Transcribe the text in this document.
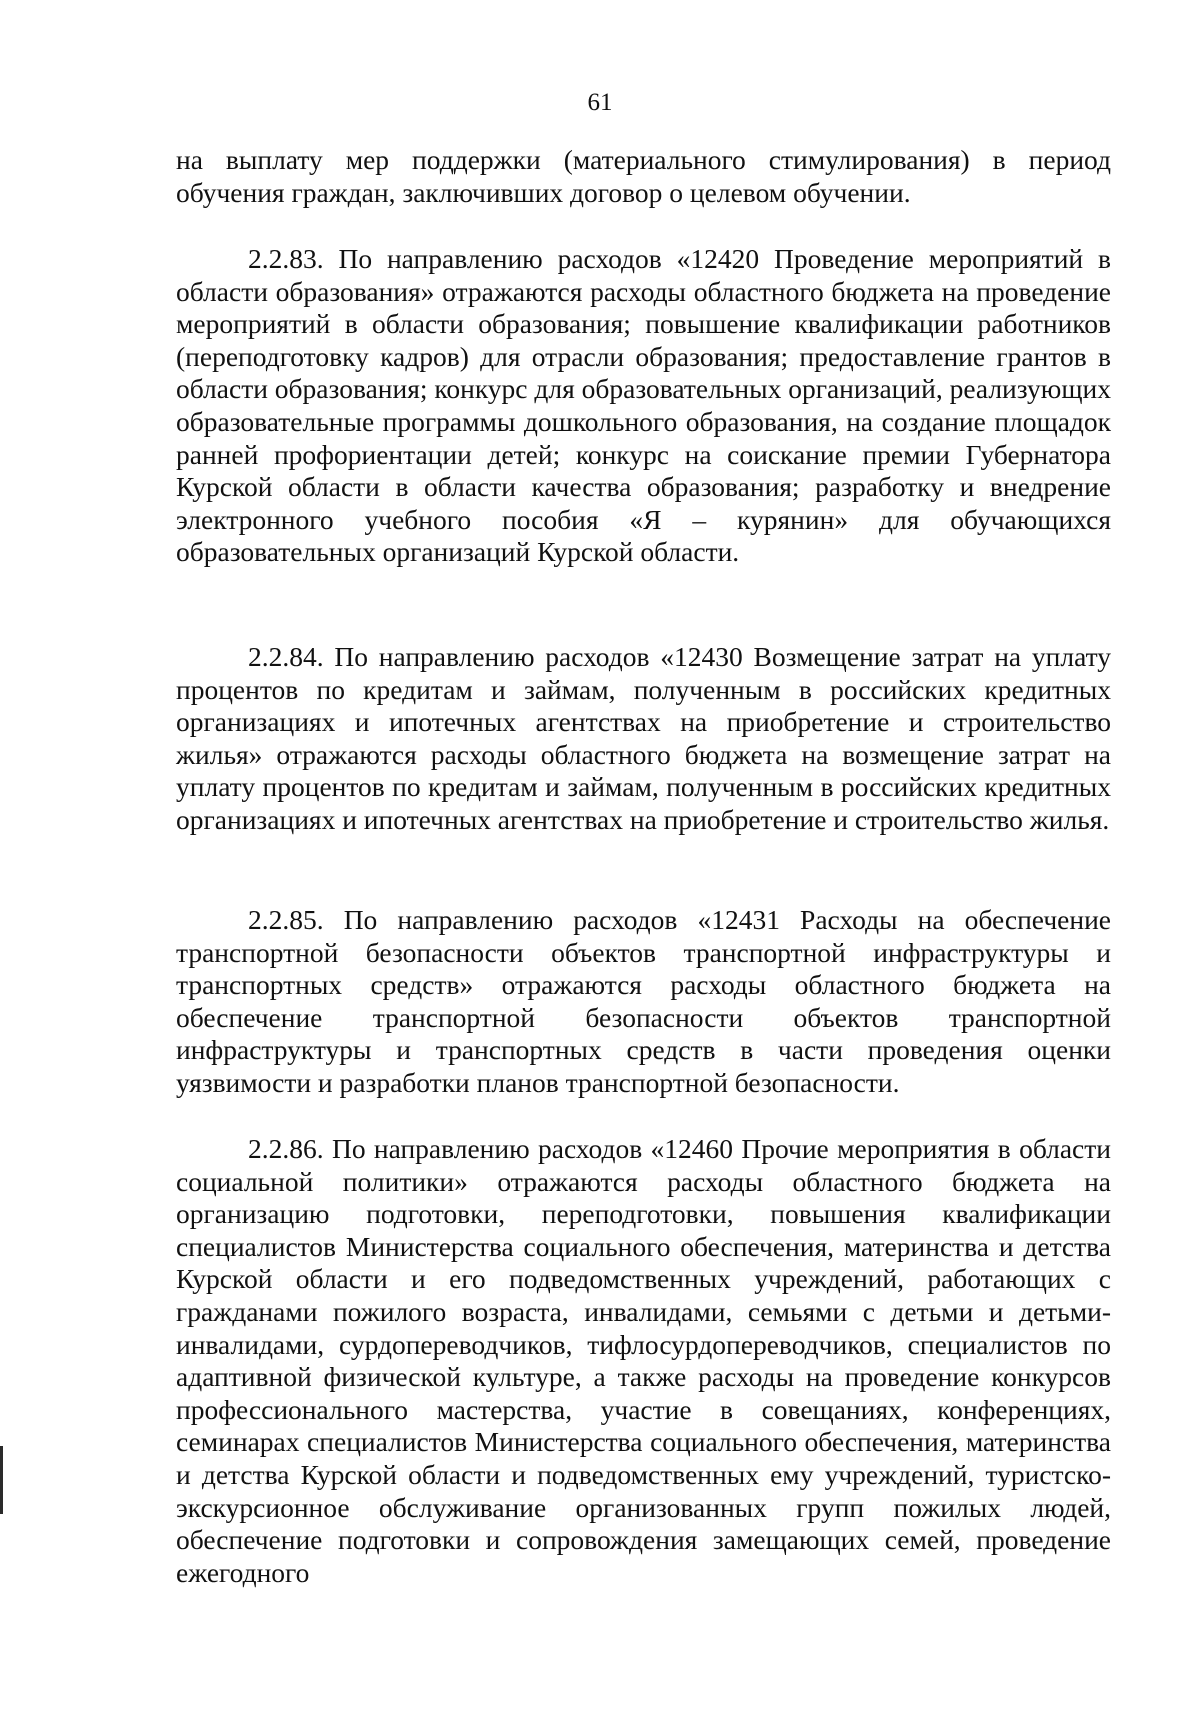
61

на выплату мер поддержки (материального стимулирования) в период обучения граждан, заключивших договор о целевом обучении.

2.2.83. По направлению расходов «12420 Проведение мероприятий в области образования» отражаются расходы областного бюджета на проведение мероприятий в области образования; повышение квалификации работников (переподготовку кадров) для отрасли образования; предоставление грантов в области образования; конкурс для образовательных организаций, реализующих образовательные программы дошкольного образования, на создание площадок ранней профориентации детей; конкурс на соискание премии Губернатора Курской области в области качества образования; разработку и внедрение электронного учебного пособия «Я – курянин» для обучающихся образовательных организаций Курской области.

2.2.84. По направлению расходов «12430 Возмещение затрат на уплату процентов по кредитам и займам, полученным в российских кредитных организациях и ипотечных агентствах на приобретение и строительство жилья» отражаются расходы областного бюджета на возмещение затрат на уплату процентов по кредитам и займам, полученным в российских кредитных организациях и ипотечных агентствах на приобретение и строительство жилья.

2.2.85. По направлению расходов «12431 Расходы на обеспечение транспортной безопасности объектов транспортной инфраструктуры и транспортных средств» отражаются расходы областного бюджета на обеспечение транспортной безопасности объектов транспортной инфраструктуры и транспортных средств в части проведения оценки уязвимости и разработки планов транспортной безопасности.

2.2.86. По направлению расходов «12460 Прочие мероприятия в области социальной политики» отражаются расходы областного бюджета на организацию подготовки, переподготовки, повышения квалификации специалистов Министерства социального обеспечения, материнства и детства Курской области и его подведомственных учреждений, работающих с гражданами пожилого возраста, инвалидами, семьями с детьми и детьми-инвалидами, сурдопереводчиков, тифлосурдопереводчиков, специалистов по адаптивной физической культуре, а также расходы на проведение конкурсов профессионального мастерства, участие в совещаниях, конференциях, семинарах специалистов Министерства социального обеспечения, материнства и детства Курской области и подведомственных ему учреждений, туристско-экскурсионное обслуживание организованных групп пожилых людей, обеспечение подготовки и сопровождения замещающих семей, проведение ежегодного
